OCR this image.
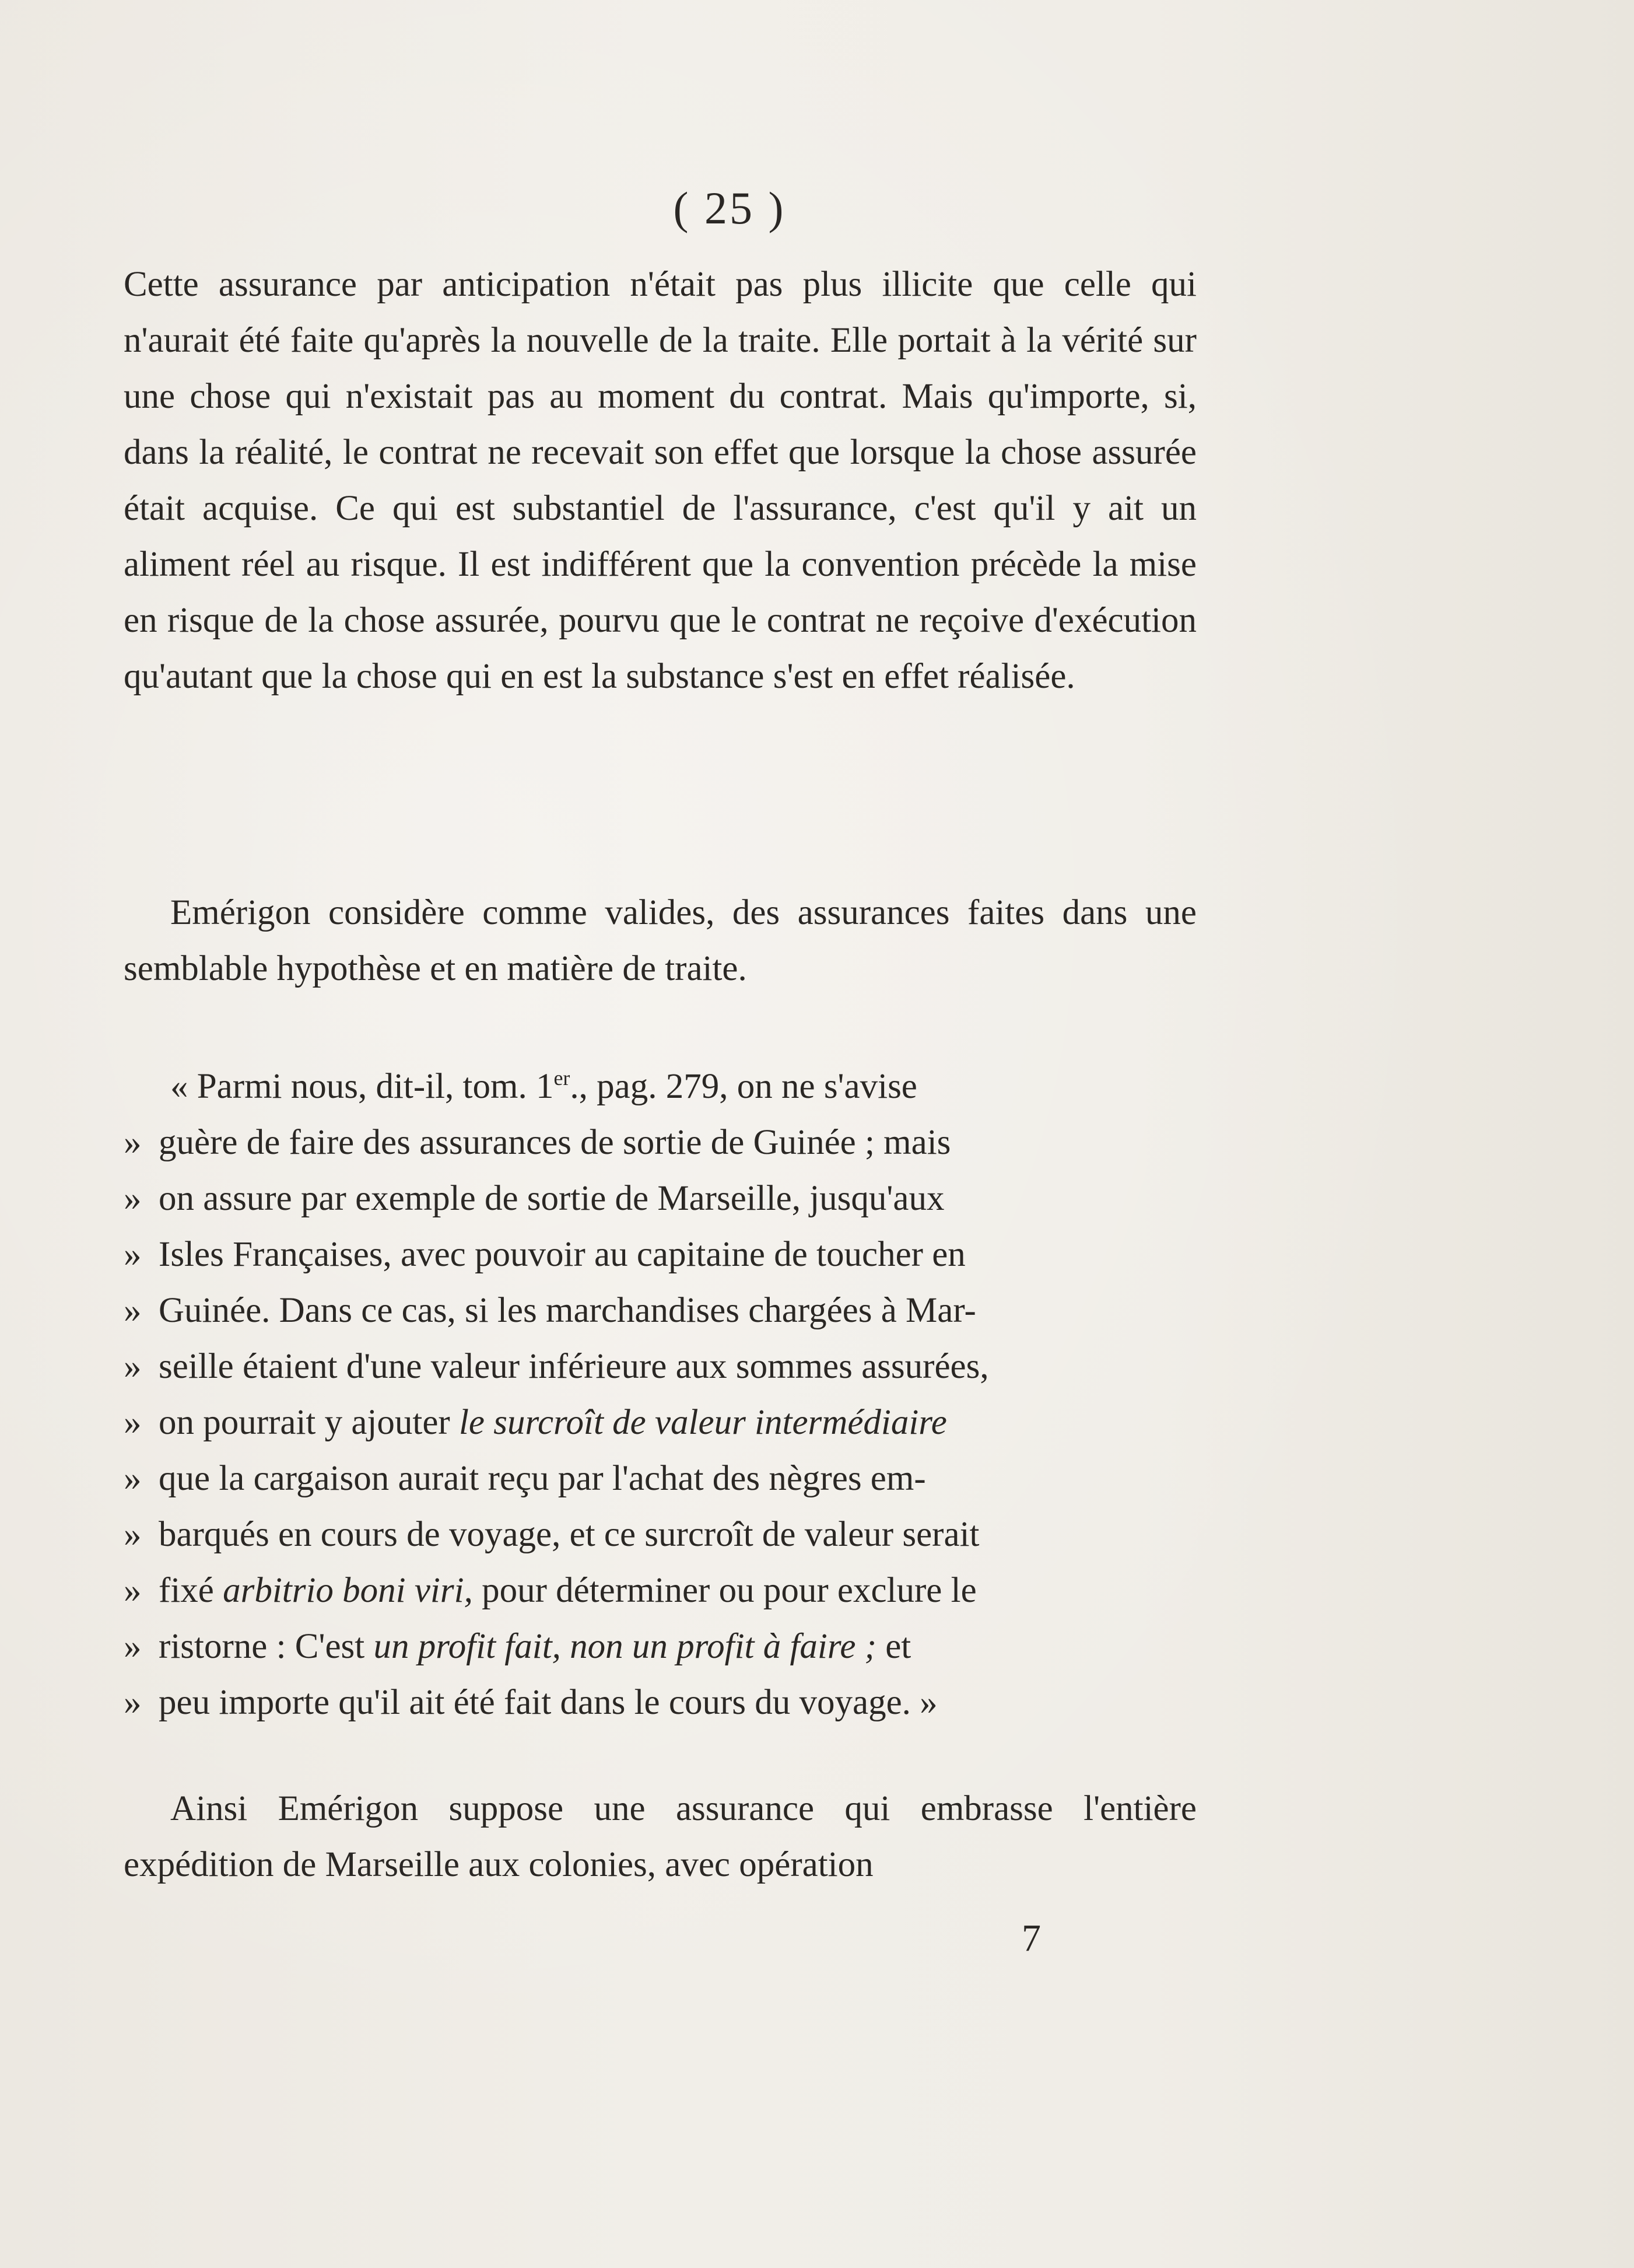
( 25 )

Cette assurance par anticipation n'était pas plus illicite que celle qui n'aurait été faite qu'après la nouvelle de la traite. Elle portait à la vérité sur une chose qui n'existait pas au moment du contrat. Mais qu'importe, si, dans la réalité, le contrat ne recevait son effet que lorsque la chose assurée était acquise. Ce qui est substantiel de l'assurance, c'est qu'il y ait un aliment réel au risque. Il est indifférent que la convention précède la mise en risque de la chose assurée, pourvu que le contrat ne reçoive d'exécution qu'autant que la chose qui en est la substance s'est en effet réalisée.

Emérigon considère comme valides, des assurances faites dans une semblable hypothèse et en matière de traite.

« Parmi nous, dit-il, tom. 1er., pag. 279, on ne s'avise

» guère de faire des assurances de sortie de Guinée ; mais

» on assure par exemple de sortie de Marseille, jusqu'aux

» Isles Françaises, avec pouvoir au capitaine de toucher en

» Guinée. Dans ce cas, si les marchandises chargées à Mar-

» seille étaient d'une valeur inférieure aux sommes assurées,

» on pourrait y ajouter le surcroît de valeur intermédiaire

» que la cargaison aurait reçu par l'achat des nègres em-

» barqués en cours de voyage, et ce surcroît de valeur serait

» fixé arbitrio boni viri, pour déterminer ou pour exclure le

» ristorne : C'est un profit fait, non un profit à faire ; et

» peu importe qu'il ait été fait dans le cours du voyage. »

Ainsi Emérigon suppose une assurance qui embrasse l'entière expédition de Marseille aux colonies, avec opération

7
